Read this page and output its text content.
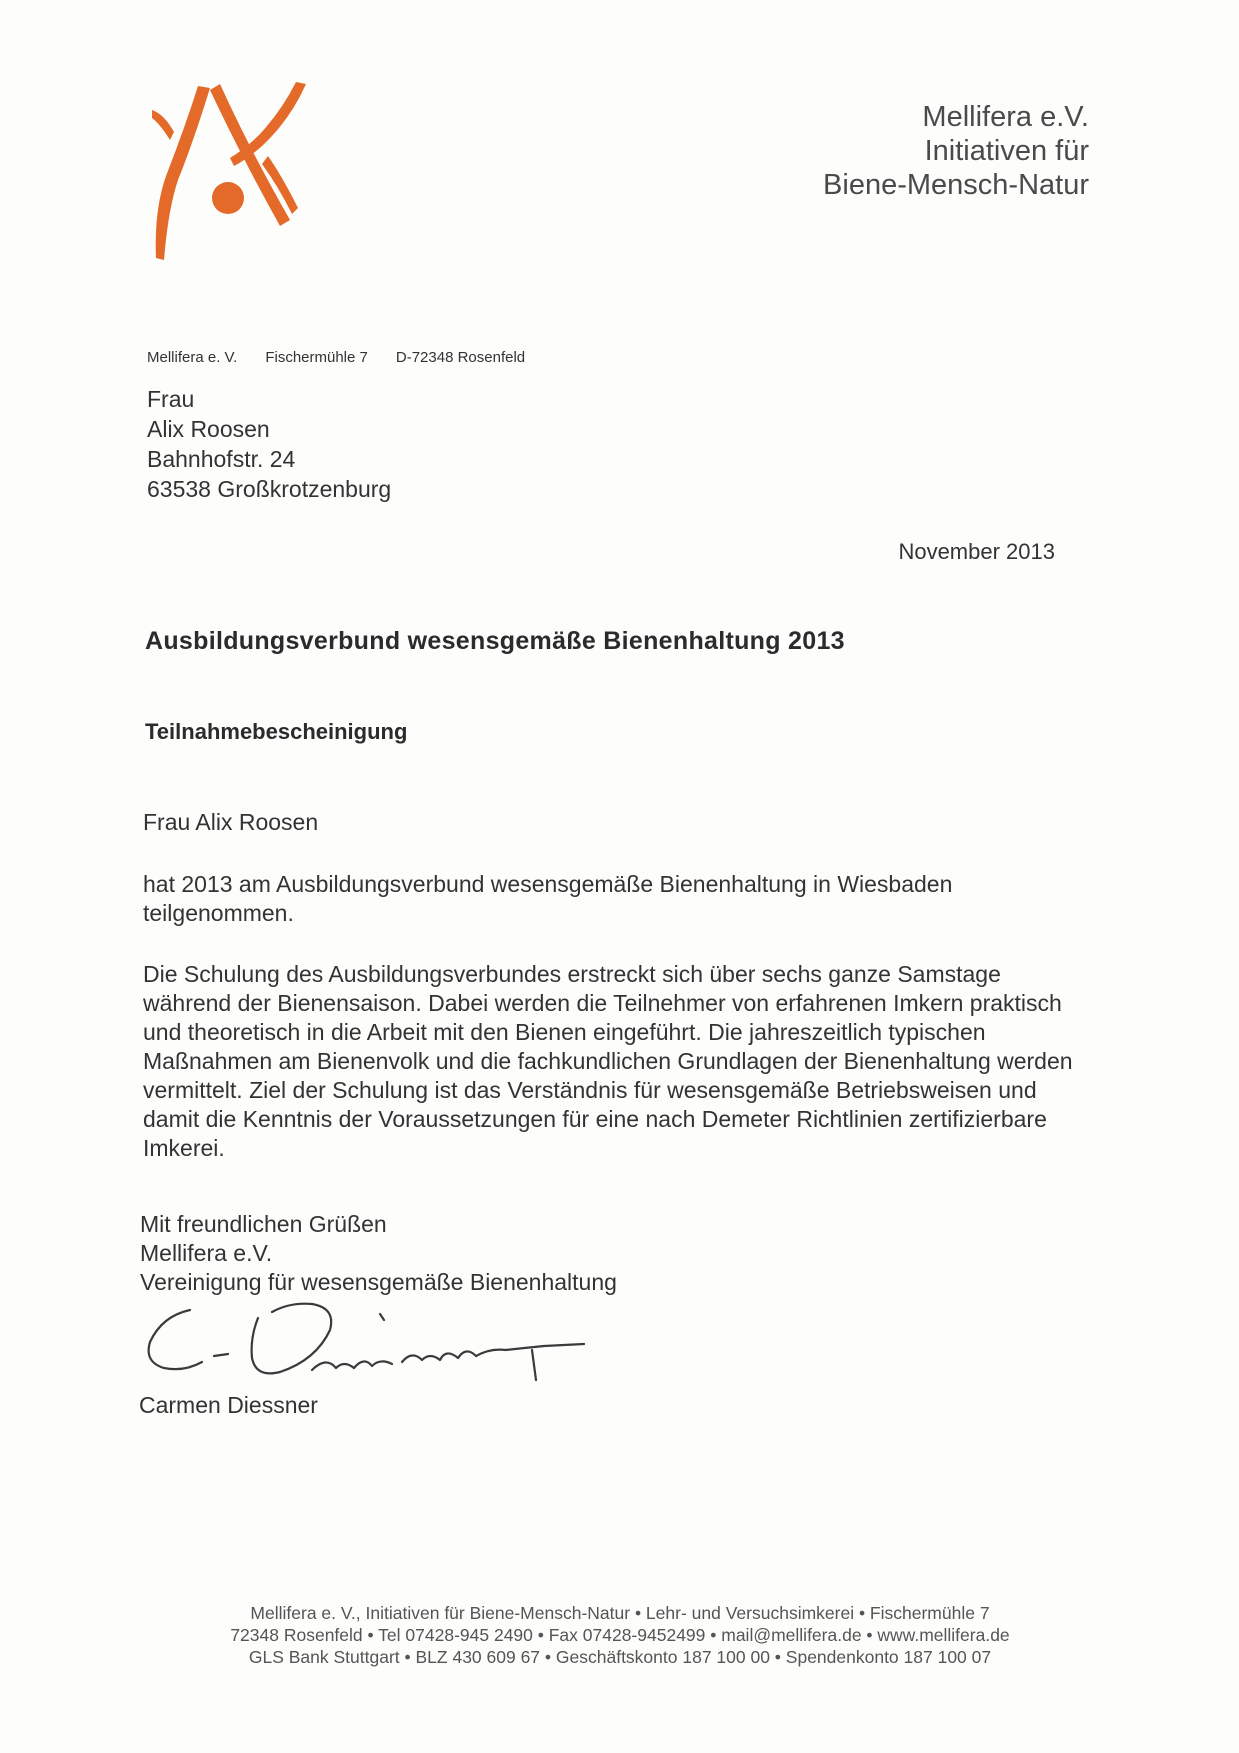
Mellifera e.V.
Initiativen für
Biene-Mensch-Natur
Mellifera e. V. Fischermühle 7 D-72348 Rosenfeld
Frau
Alix Roosen
Bahnhofstr. 24
63538 Großkrotzenburg
November 2013
Ausbildungsverbund wesensgemäße Bienenhaltung 2013
Teilnahmebescheinigung
Frau Alix Roosen
hat 2013 am Ausbildungsverbund wesensgemäße Bienenhaltung in Wiesbaden teilgenommen.
Die Schulung des Ausbildungsverbundes erstreckt sich über sechs ganze Samstage während der Bienensaison. Dabei werden die Teilnehmer von erfahrenen Imkern praktisch und theoretisch in die Arbeit mit den Bienen eingeführt. Die jahreszeitlich typischen Maßnahmen am Bienenvolk und die fachkundlichen Grundlagen der Bienenhaltung werden vermittelt. Ziel der Schulung ist das Verständnis für wesensgemäße Betriebsweisen und damit die Kenntnis der Voraussetzungen für eine nach Demeter Richtlinien zertifizierbare Imkerei.
Mit freundlichen Grüßen
Mellifera e.V.
Vereinigung für wesensgemäße Bienenhaltung
Carmen Diessner
Mellifera e. V., Initiativen für Biene-Mensch-Natur • Lehr- und Versuchsimkerei • Fischermühle 7
72348 Rosenfeld • Tel 07428-945 2490 • Fax 07428-9452499 • mail@mellifera.de • www.mellifera.de
GLS Bank Stuttgart • BLZ 430 609 67 • Geschäftskonto 187 100 00 • Spendenkonto 187 100 07
